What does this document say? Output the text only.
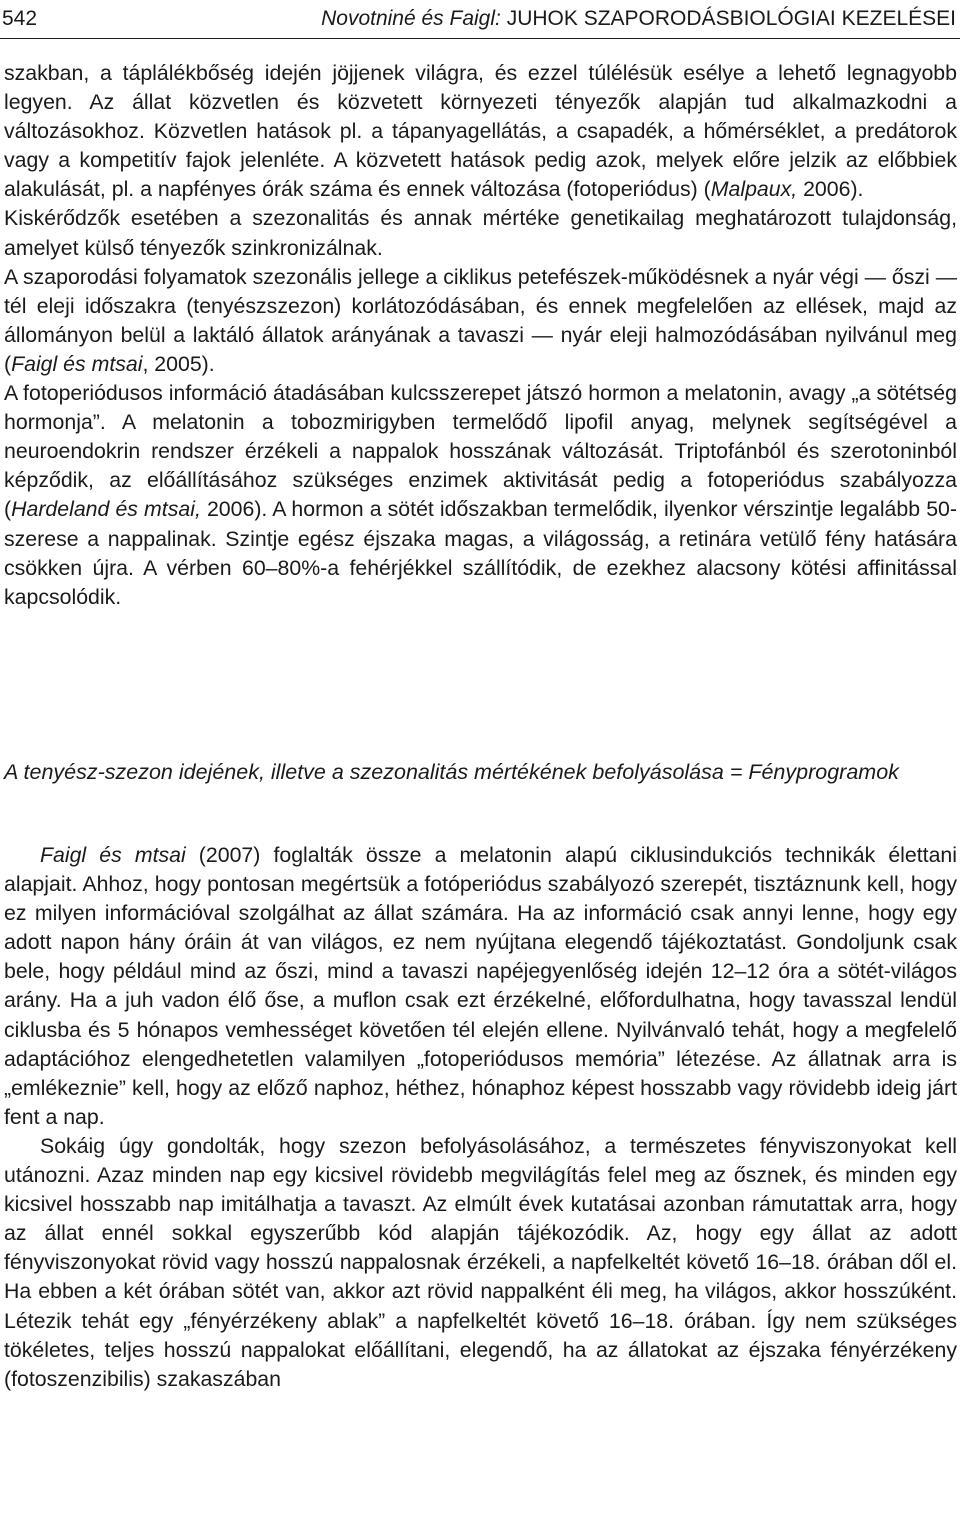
542	Novotniné és Faigl: JUHOK SZAPORODÁSBIOLÓGIAI KEZELÉSEI

szakban, a táplálékbőség idején jöjjenek világra, és ezzel túlélésük esélye a lehető legnagyobb legyen. Az állat közvetlen és közvetett környezeti tényezők alapján tud alkalmazkodni a változásokhoz. Közvetlen hatások pl. a tápanyagellátás, a csapadék, a hőmérséklet, a predátorok vagy a kompetitív fajok jelenléte. A közvetett hatások pedig azok, melyek előre jelzik az előbbiek alakulását, pl. a napfényes órák száma és ennek változása (fotoperiódus) (Malpaux, 2006).

Kiskérődzők esetében a szezonalitás és annak mértéke genetikailag meghatározott tulajdonság, amelyet külső tényezők szinkronizálnak.

A szaporodási folyamatok szezonális jellege a ciklikus petefészek-működésnek a nyár végi — őszi — tél eleji időszakra (tenyészszezon) korlátozódásában, és ennek megfelelően az ellések, majd az állományon belül a laktáló állatok arányának a tavaszi — nyár eleji halmozódásában nyilvánul meg (Faigl és mtsai, 2005).

A fotoperiódusos információ átadásában kulcsszerepet játszó hormon a melatonin, avagy „a sötétség hormonja”. A melatonin a tobozmirigyben termelődő lipofil anyag, melynek segítségével a neuroendokrin rendszer érzékeli a nappalok hosszának változását. Triptofánból és szerotoninból képződik, az előállításához szükséges enzimek aktivitását pedig a fotoperiódus szabályozza (Hardeland és mtsai, 2006). A hormon a sötét időszakban termelődik, ilyenkor vérszintje legalább 50-szerese a nappalinak. Szintje egész éjszaka magas, a világosság, a retinára vetülő fény hatására csökken újra. A vérben 60–80%-a fehérjékkel szállítódik, de ezekhez alacsony kötési affinitással kapcsolódik.

A tenyész-szezon idejének, illetve a szezonalitás mértékének befolyásolása = Fényprogramok

Faigl és mtsai (2007) foglalták össze a melatonin alapú ciklusindukciós technikák élettani alapjait. Ahhoz, hogy pontosan megértsük a fotóperiódus szabályozó szerepét, tisztáznunk kell, hogy ez milyen információval szolgálhat az állat számára. Ha az információ csak annyi lenne, hogy egy adott napon hány óráin át van világos, ez nem nyújtana elegendő tájékoztatást. Gondoljunk csak bele, hogy például mind az őszi, mind a tavaszi napéjegyenlőség idején 12–12 óra a sötét-világos arány. Ha a juh vadon élő őse, a muflon csak ezt érzékelné, előfordulhatna, hogy tavasszal lendül ciklusba és 5 hónapos vemhességet követően tél elején ellene. Nyilvánvaló tehát, hogy a megfelelő adaptációhoz elengedhetetlen valamilyen „fotoperiódusos memória” létezése. Az állatnak arra is „emlékeznie” kell, hogy az előző naphoz, héthez, hónaphoz képest hosszabb vagy rövidebb ideig járt fent a nap.

Sokáig úgy gondolták, hogy szezon befolyásolásához, a természetes fényviszonyokat kell utánozni. Azaz minden nap egy kicsivel rövidebb megvilágítás felel meg az ősznek, és minden egy kicsivel hosszabb nap imitálhatja a tavaszt. Az elmúlt évek kutatásai azonban rámutattak arra, hogy az állat ennél sokkal egyszerűbb kód alapján tájékozódik. Az, hogy egy állat az adott fényviszonyokat rövid vagy hosszú nappalosnak érzékeli, a napfelkeltét követő 16–18. órában dől el. Ha ebben a két órában sötét van, akkor azt rövid nappalként éli meg, ha világos, akkor hosszúként. Létezik tehát egy „fényérzékeny ablak” a napfelkeltét követő 16–18. órában. Így nem szükséges tökéletes, teljes hosszú nappalokat előállítani, elegendő, ha az állatokat az éjszaka fényérzékeny (fotoszenzibilis) szakaszában
